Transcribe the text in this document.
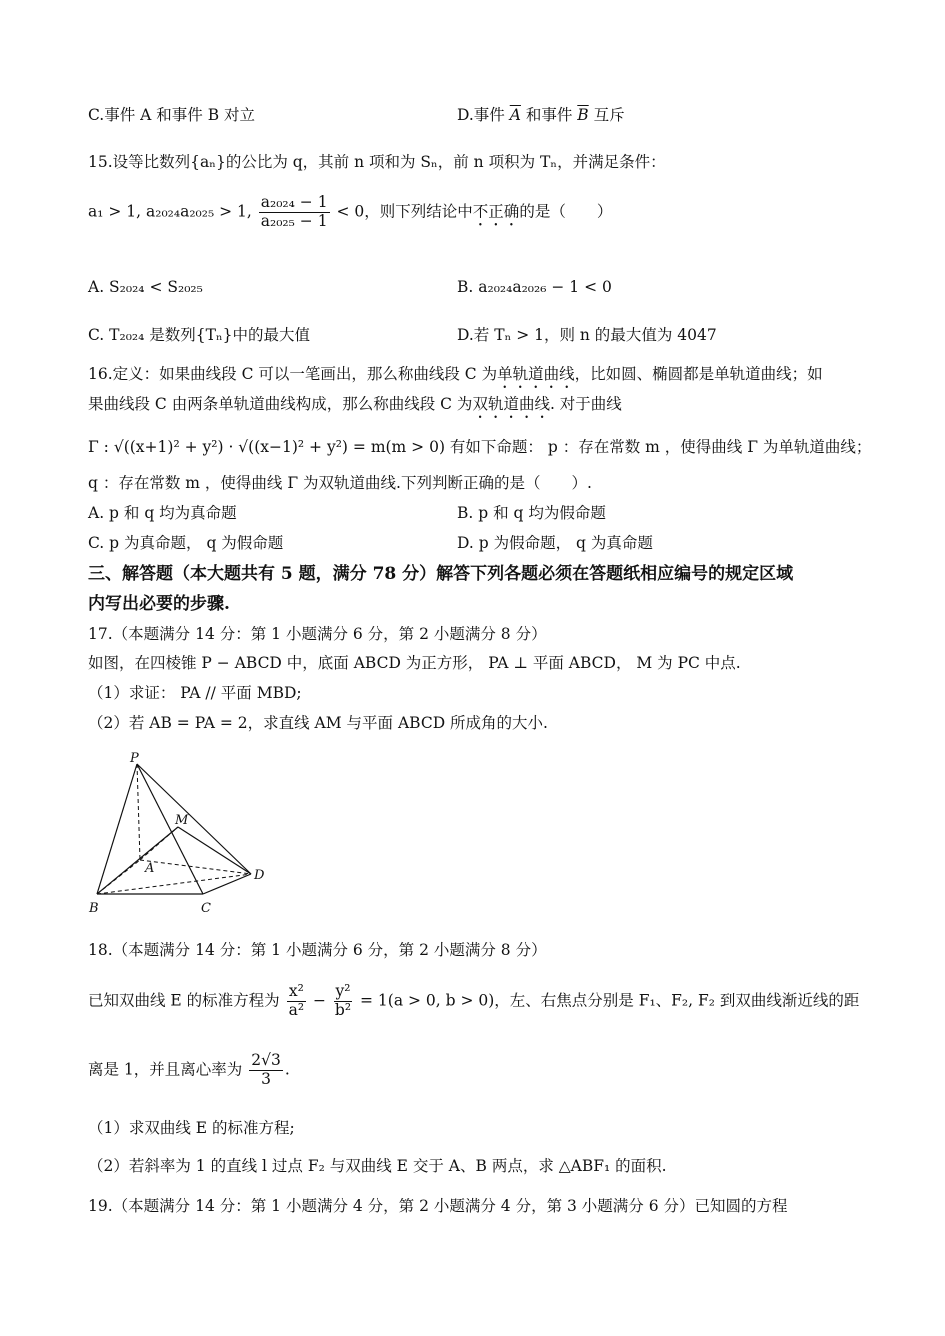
C.事件 A 和事件 B 对立	D.事件 $\overline{A}$ 和事件 $\overline{B}$ 互斥
15.设等比数列{aₙ}的公比为 q，其前 n 项和为 Sₙ，前 n 项积为 Tₙ，并满足条件：
a₁ > 1, a₂₀₂₄a₂₀₂₅ > 1, $\frac{\text{a₂₀₂₄ − 1}}{\text{a₂₀₂₅ − 1}} < 0$，则下列结论中不正确的是（　　）
A. S₂₀₂₄ < S₂₀₂₅	B. a₂₀₂₄a₂₀₂₆ − 1 < 0
C. T₂₀₂₄ 是数列{Tₙ}中的最大值	D.若 Tₙ > 1，则 n 的最大值为 4047
16.定义：如果曲线段 C 可以一笔画出，那么称曲线段 C 为单轨道曲线，比如圆、椭圆都是单轨道曲线；如
果曲线段 C 由两条单轨道曲线构成，那么称曲线段 C 为双轨道曲线. 对于曲线
Γ : √((x+1)² + y²) · √((x−1)² + y²) = m(m > 0) 有如下命题： p ：存在常数 m ，使得曲线 Γ 为单轨道曲线；
q ：存在常数 m ，使得曲线 Γ 为双轨道曲线.下列判断正确的是（　　）.
A. p 和 q 均为真命题	B. p 和 q 均为假命题
C. p 为真命题， q 为假命题	D. p 为假命题， q 为真命题
三、解答题（本大题共有 5 题，满分 78 分）解答下列各题必须在答题纸相应编号的规定区域
内写出必要的步骤.
17.（本题满分 14 分：第 1 小题满分 6 分，第 2 小题满分 8 分）
如图，在四棱锥 P − ABCD 中，底面 ABCD 为正方形， PA ⊥ 平面 ABCD， M 为 PC 中点.
（1）求证： PA // 平面 MBD;
（2）若 AB = PA = 2，求直线 AM 与平面 ABCD 所成角的大小.
P
M
A
B	C
D
18.（本题满分 14 分：第 1 小题满分 6 分，第 2 小题满分 8 分）
已知双曲线 E 的标准方程为 $\frac{\text{x²}}{\text{a²}} - \frac{\text{y²}}{\text{b²}} = 1(a > 0$, b > 0)，左、右焦点分别是 F₁、F₂, F₂ 到双曲线渐近线的距
离是 1，并且离心率为 $\frac{2√3}{3}$ .
（1）求双曲线 E 的标准方程;
（2）若斜率为 1 的直线 l 过点 F₂ 与双曲线 E 交于 A、B 两点，求 △ABF₁ 的面积.
19.（本题满分 14 分：第 1 小题满分 4 分，第 2 小题满分 4 分，第 3 小题满分 6 分）已知圆的方程
